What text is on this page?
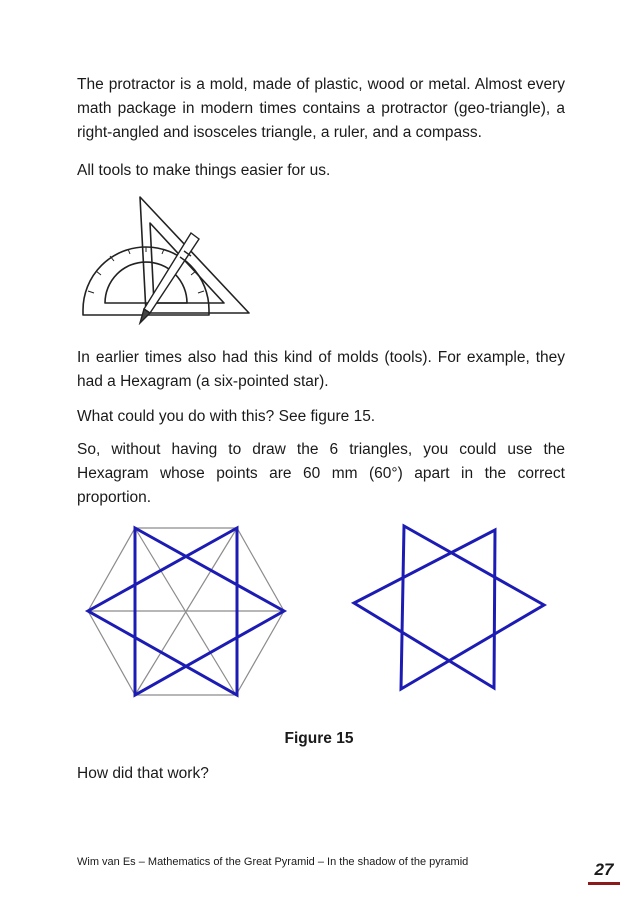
The protractor is a mold, made of plastic, wood or metal. Almost every math package in modern times contains a protractor (geo-triangle), a right-angled and isosceles triangle, a ruler, and a compass.

All tools to make things easier for us.

In earlier times also had this kind of molds (tools). For example, they had a Hexagram (a six-pointed star).

What could you do with this? See figure 15.

So, without having to draw the 6 triangles, you could use the Hexagram whose points are 60 mm (60°) apart in the correct proportion.

Figure 15

How did that work?

Wim van Es – Mathematics of the Great Pyramid – In the shadow of the pyramid	27
